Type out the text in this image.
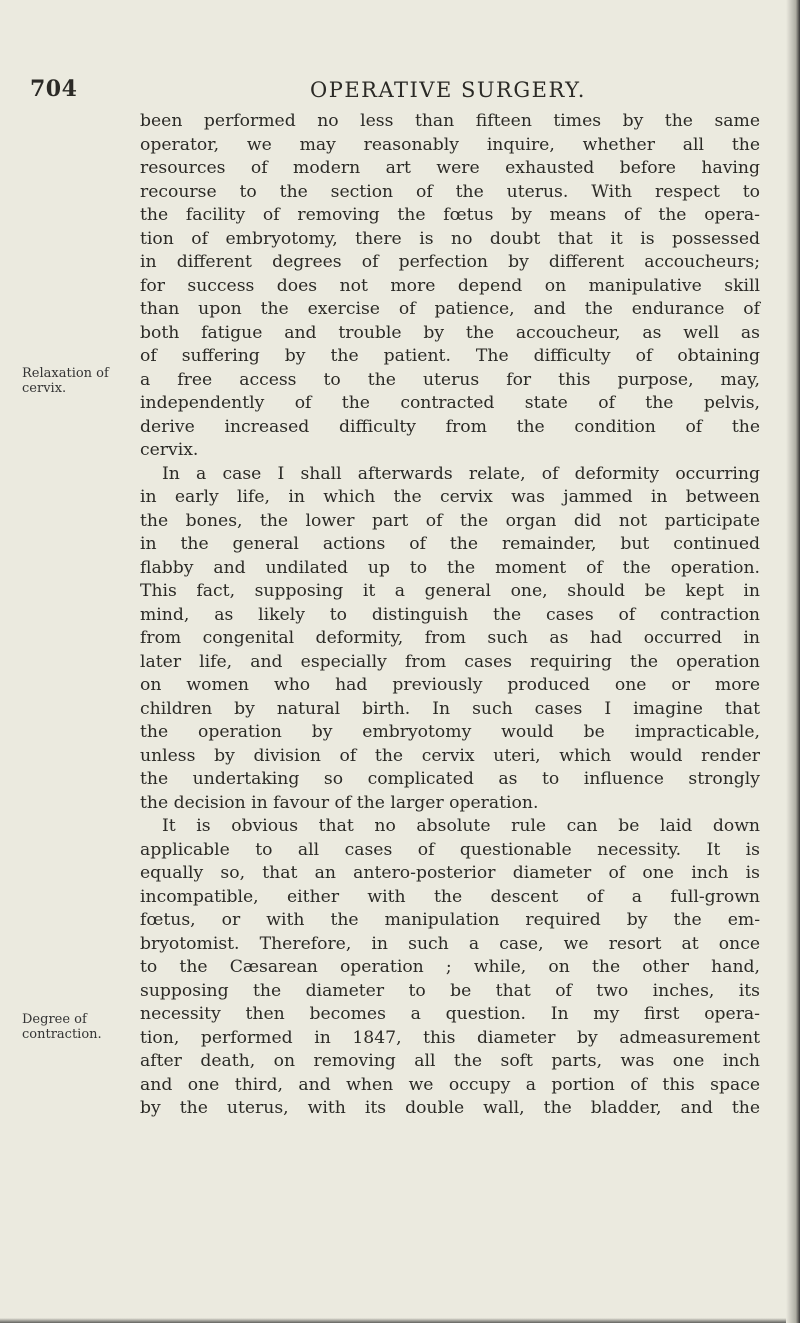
704	OPERATIVE SURGERY.
Relaxation of cervix.
Degree of contraction.
been performed no less than fifteen times by the same
operator, we may reasonably inquire, whether all the
resources of modern art were exhausted before having
recourse to the section of the uterus. With respect to
the facility of removing the fœtus by means of the opera-
tion of embryotomy, there is no doubt that it is possessed
in different degrees of perfection by different accoucheurs;
for success does not more depend on manipulative skill
than upon the exercise of patience, and the endurance of
both fatigue and trouble by the accoucheur, as well as
of suffering by the patient. The difficulty of obtaining
a free access to the uterus for this purpose, may,
independently of the contracted state of the pelvis,
derive increased difficulty from the condition of the
cervix.
In a case I shall afterwards relate, of deformity occurring
in early life, in which the cervix was jammed in between
the bones, the lower part of the organ did not participate
in the general actions of the remainder, but continued
flabby and undilated up to the moment of the operation.
This fact, supposing it a general one, should be kept in
mind, as likely to distinguish the cases of contraction
from congenital deformity, from such as had occurred in
later life, and especially from cases requiring the operation
on women who had previously produced one or more
children by natural birth. In such cases I imagine that
the operation by embryotomy would be impracticable,
unless by division of the cervix uteri, which would render
the undertaking so complicated as to influence strongly
the decision in favour of the larger operation.
It is obvious that no absolute rule can be laid down
applicable to all cases of questionable necessity. It is
equally so, that an antero-posterior diameter of one inch is
incompatible, either with the descent of a full-grown
fœtus, or with the manipulation required by the em-
bryotomist. Therefore, in such a case, we resort at once
to the Cæsarean operation ; while, on the other hand,
supposing the diameter to be that of two inches, its
necessity then becomes a question. In my first opera-
tion, performed in 1847, this diameter by admeasurement
after death, on removing all the soft parts, was one inch
and one third, and when we occupy a portion of this space
by the uterus, with its double wall, the bladder, and the
